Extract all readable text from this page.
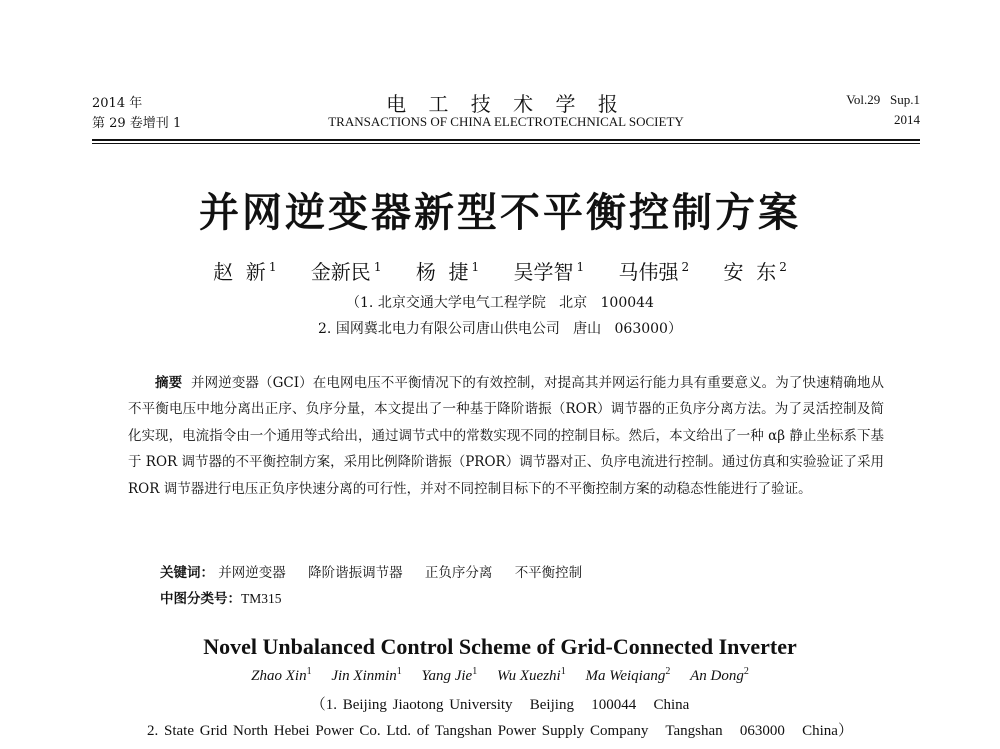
2014 年
第 29 卷增刊 1
电 工 技 术 学 报
TRANSACTIONS OF CHINA ELECTROTECHNICAL SOCIETY
Vol.29   Sup.1
2014
并网逆变器新型不平衡控制方案
赵  新 $^1$ 金新民 $^1$ 杨  捷 $^1$ 吴学智 $^1$ 马伟强 $^2$ 安  东 $^2$
（1. 北京交通大学电气工程学院   北京   100044
2. 国网冀北电力有限公司唐山供电公司   唐山   063000）

摘要 并网逆变器（GCI）在电网电压不平衡情况下的有效控制，对提高其并网运行能力具有重要意义。为了快速精确地从不平衡电压中地分离出正序、负序分量，本文提出了一种基于降阶谐振（ROR）调节器的正负序分离方法。为了灵活控制及简化实现，电流指令由一个通用等式给出，通过调节式中的常数实现不同的控制目标。然后，本文给出了一种 αβ 静止坐标系下基于 ROR 调节器的不平衡控制方案，采用比例降阶谐振（PROR）调节器对正、负序电流进行控制。通过仿真和实验验证了采用 ROR 调节器进行电压正负序快速分离的可行性，并对不同控制目标下的不平衡控制方案的动稳态性能进行了验证。

关键词： 并网逆变器 降阶谐振调节器 正负序分离 不平衡控制
中图分类号：TM315
Novel Unbalanced Control Scheme of Grid-Connected Inverter
Zhao Xin$^1$ Jin Xinmin$^1$ Yang Jie$^1$ Wu Xuezhi$^1$ Ma Weiqiang$^2$ An Dong$^2$
（1. Beijing Jiaotong University   Beijing   100044   China
2. State Grid North Hebei Power Co. Ltd. of Tangshan Power Supply Company   Tangshan   063000   China）
